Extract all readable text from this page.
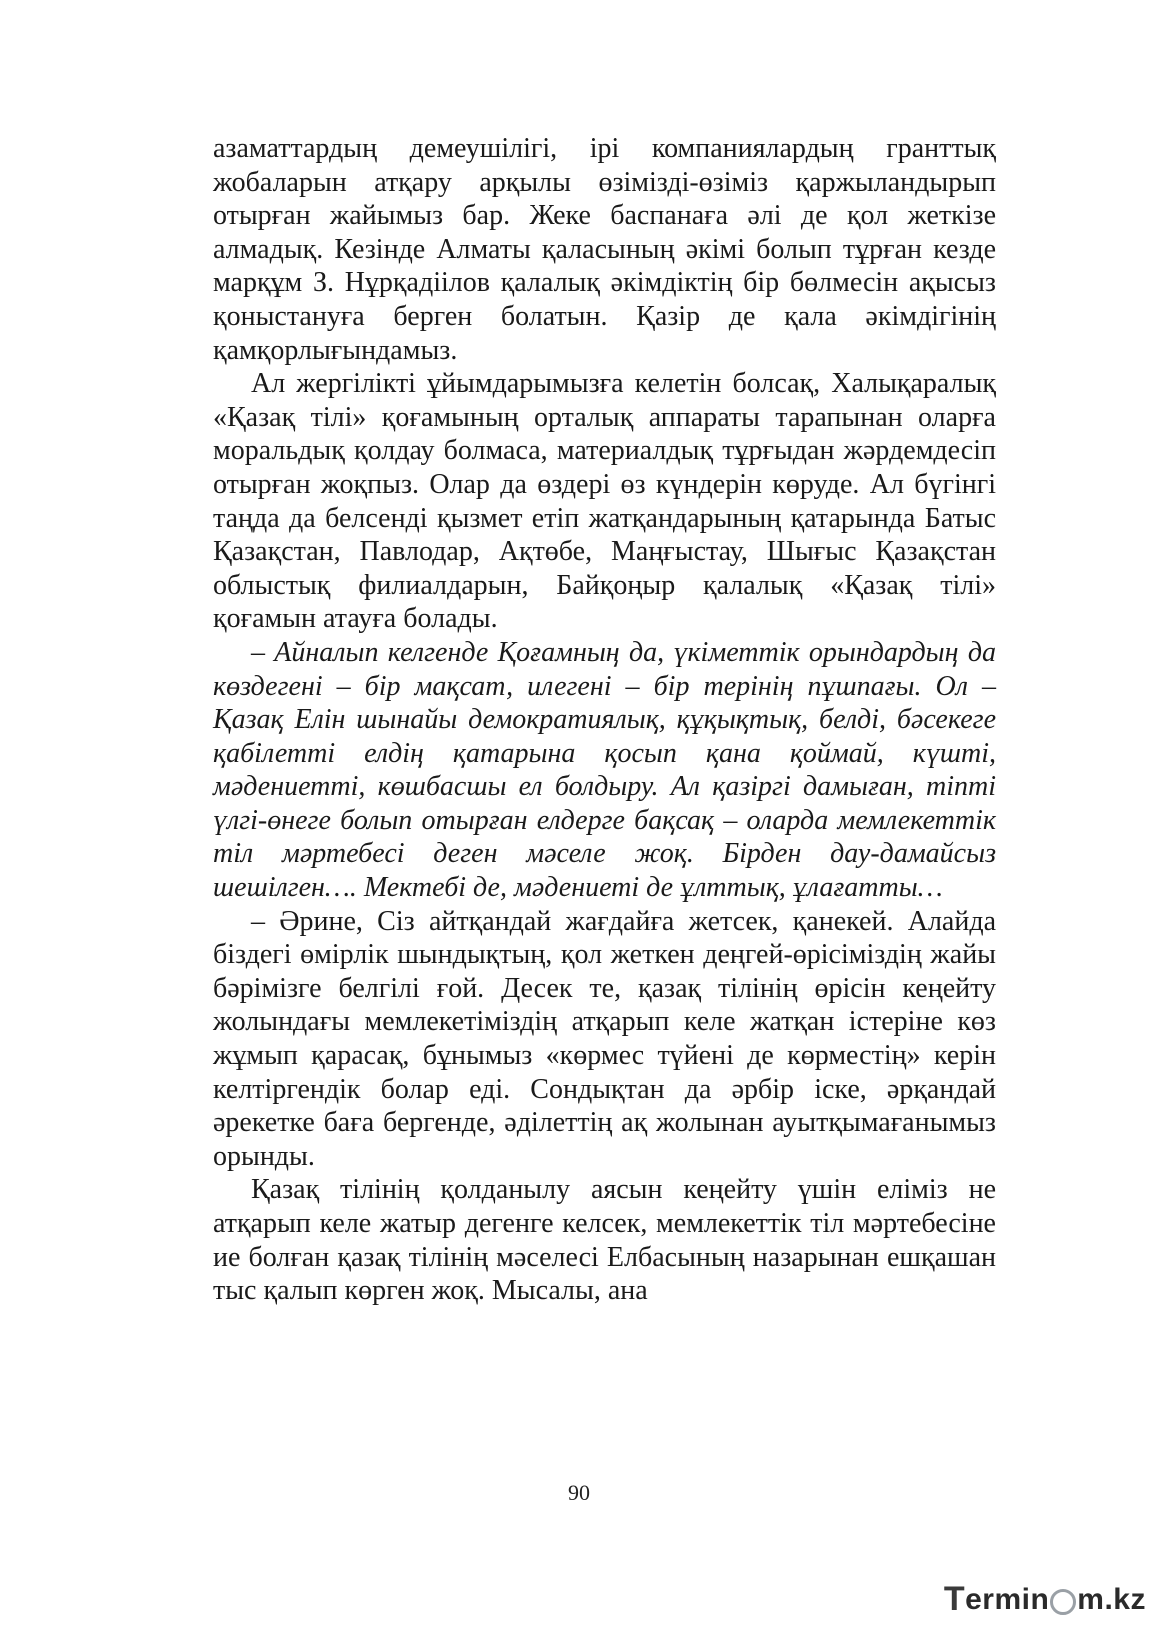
азаматтардың демеушілігі, ірі компаниялардың гранттық жобаларын атқару арқылы өзімізді-өзіміз қаржыландырып отырған жайымыз бар. Жеке баспанаға әлі де қол жеткізе алмадық. Кезінде Алматы қаласының әкімі болып тұрған кезде марқұм З. Нұрқадіілов қалалық әкімдіктің бір бөлмесін ақысыз қоныстануға берген болатын. Қазір де қала әкімдігінің қамқорлығындамыз.

Ал жергілікті ұйымдарымызға келетін болсақ, Халықаралық «Қазақ тілі» қоғамының орталық аппараты тарапынан оларға моральдық қолдау болмаса, материалдық тұрғыдан жәрдемдесіп отырған жоқпыз. Олар да өздері өз күндерін көруде. Ал бүгінгі таңда да белсенді қызмет етіп жатқандарының қатарында Батыс Қазақстан, Павлодар, Ақтөбе, Маңғыстау, Шығыс Қазақстан облыстық филиалдарын, Байқоңыр қалалық «Қазақ тілі» қоғамын атауға болады.

– Айналып келгенде Қоғамның да, үкіметтік орындардың да көздегені – бір мақсат, илегені – бір терінің пұшпағы. Ол – Қазақ Елін шынайы демократиялық, құқықтық, белді, бәсекеге қабілетті елдің қатарына қосып қана қоймай, күшті, мәдениетті, көшбасшы ел болдыру. Ал қазіргі дамыған, тіпті үлгі-өнеге болып отырған елдерге бақсақ – оларда мемлекеттік тіл мәртебесі деген мәселе жоқ. Бірден дау-дамайсыз шешілген…. Мектебі де, мәдениеті де ұлттық, ұлағатты…

– Әрине, Сіз айтқандай жағдайға жетсек, қанекей. Алайда біздегі өмірлік шындықтың, қол жеткен деңгей-өрісіміздің жайы бәрімізге белгілі ғой. Десек те, қазақ тілінің өрісін кеңейту жолындағы мемлекетіміздің атқарып келе жатқан істеріне көз жұмып қарасақ, бұнымыз «көрмес түйені де көрместің» керін келтіргендік болар еді. Сондықтан да әрбір іске, әрқандай әрекетке баға бергенде, әділеттің ақ жолынан ауытқымағанымыз орынды.

Қазақ тілінің қолданылу аясын кеңейту үшін еліміз не атқарып келе жатыр дегенге келсек, мемлекеттік тіл мәртебесіне ие болған қазақ тілінің мәселесі Елбасының назарынан ешқашан тыс қалып көрген жоқ. Мысалы, ана

90
T ermin m.kz
